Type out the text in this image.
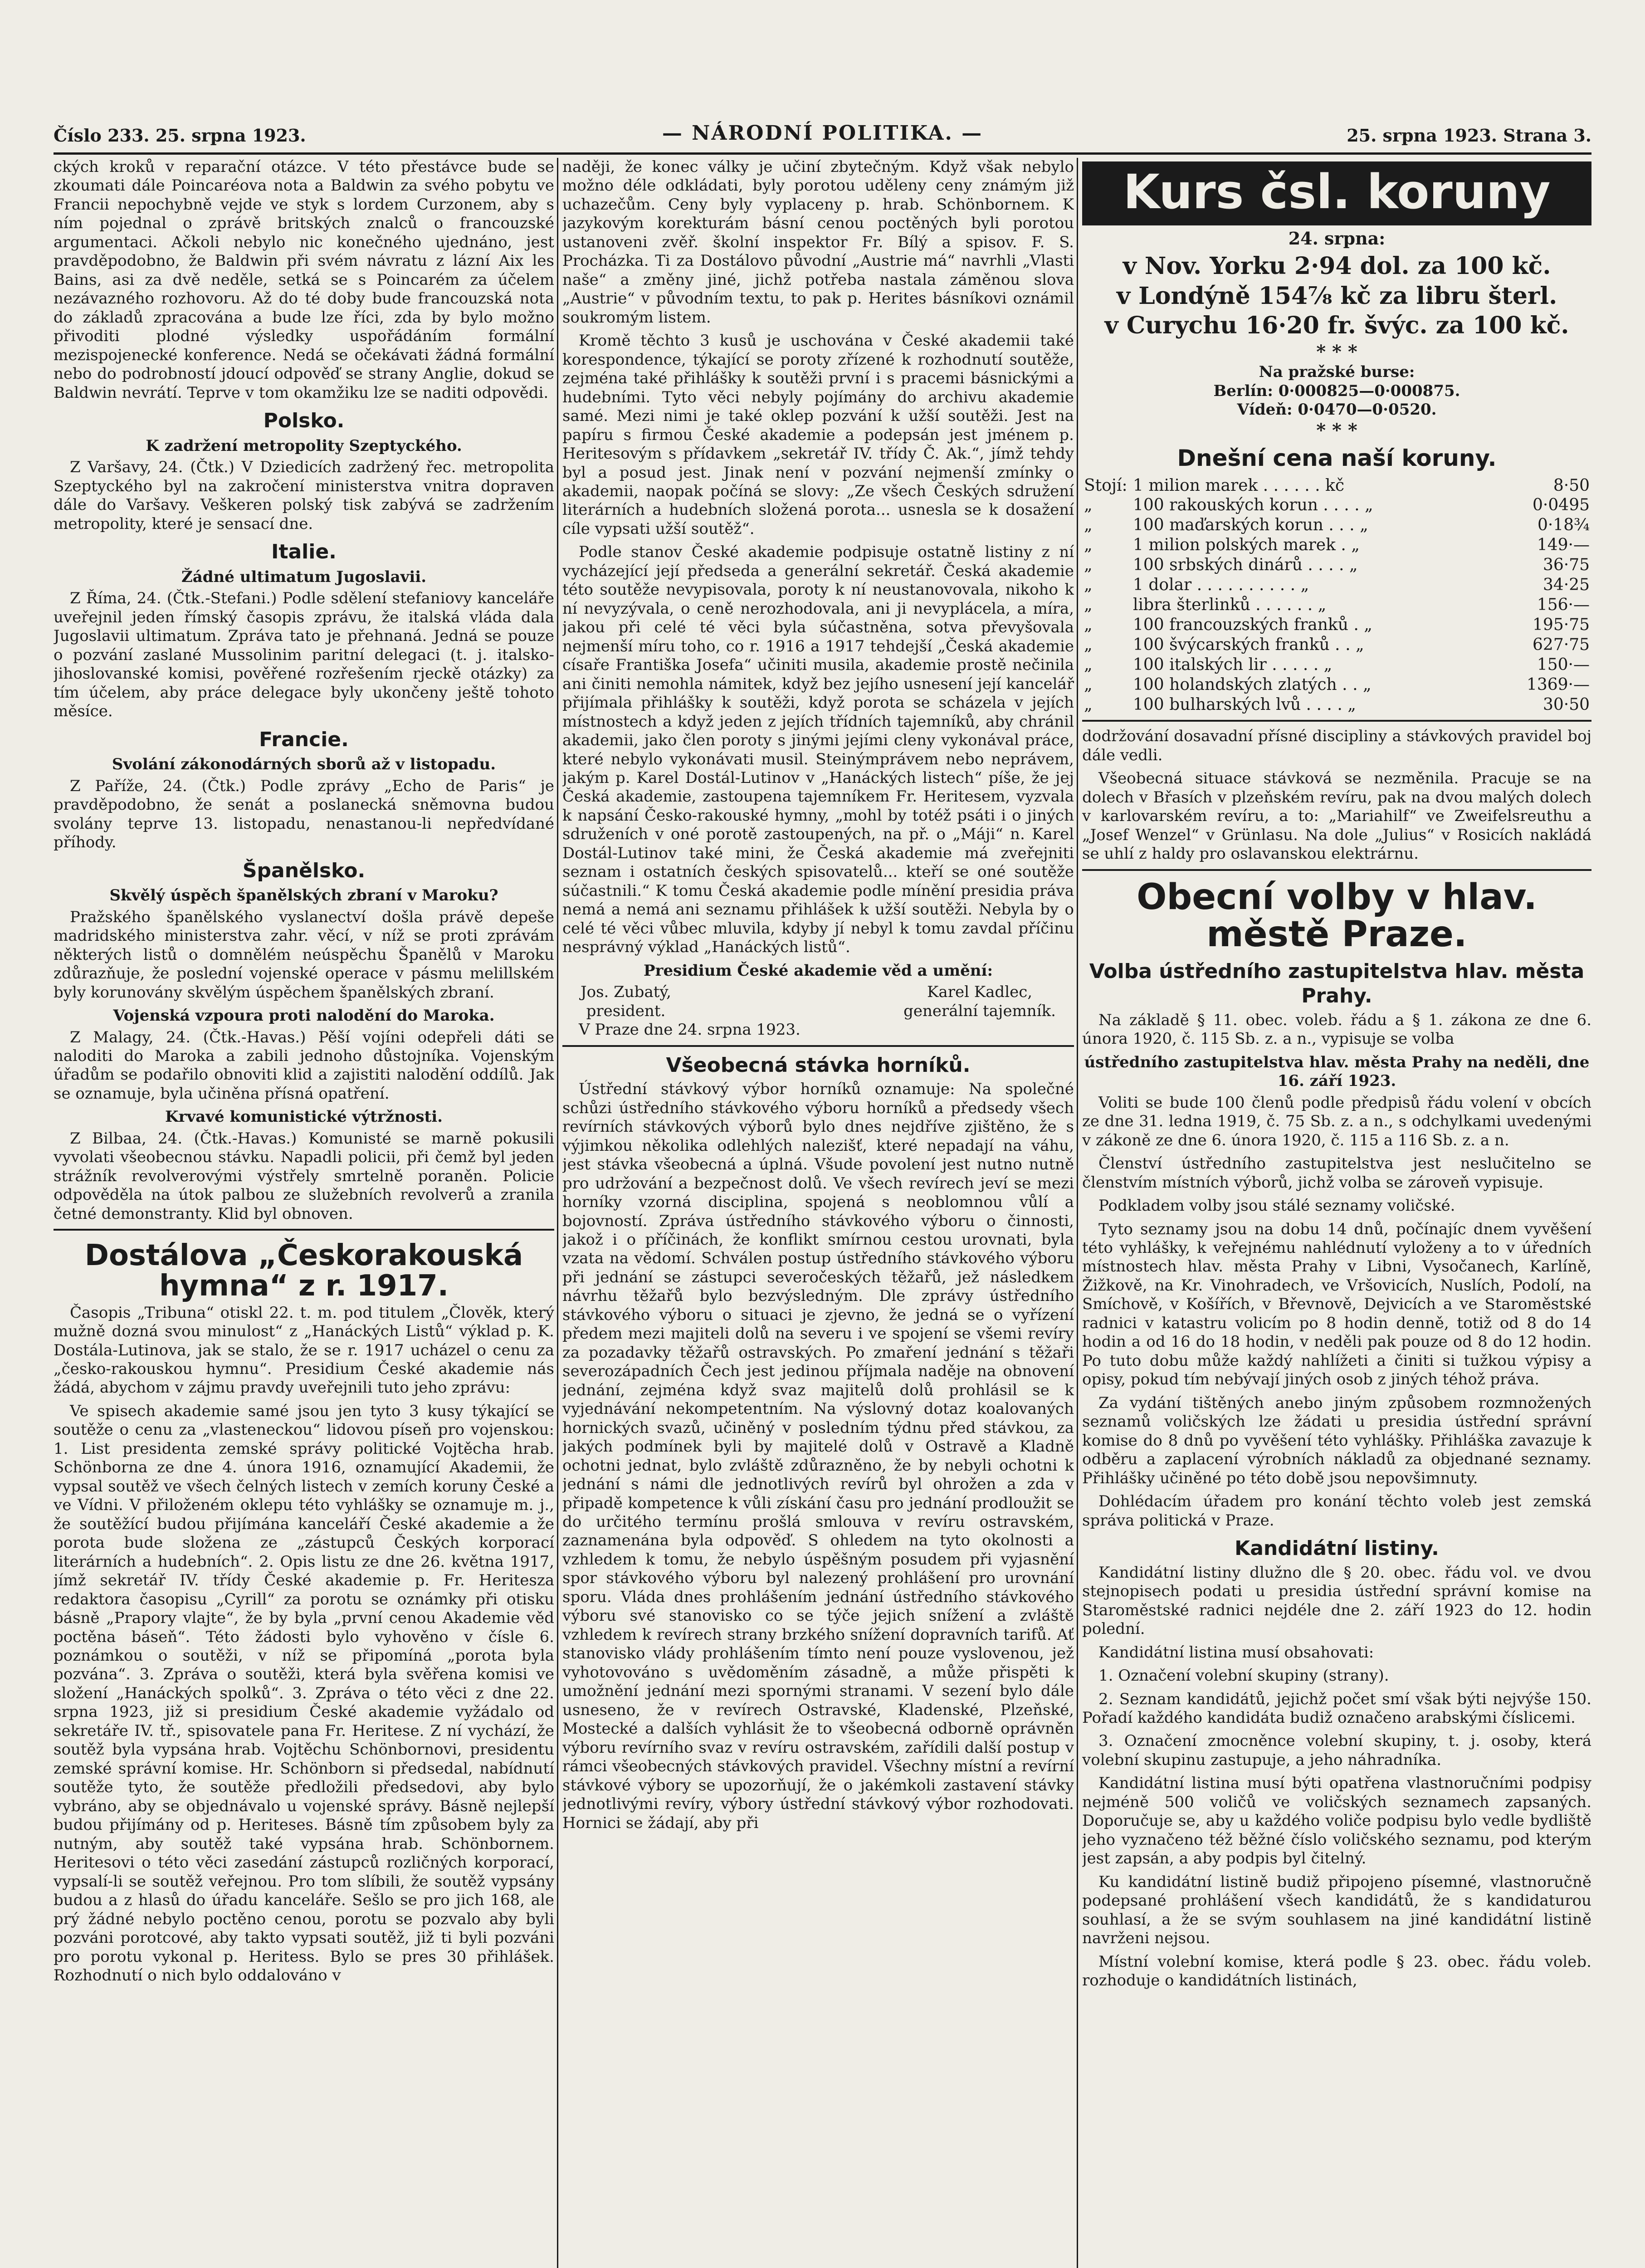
Číslo 233. 25. srpna 1923.	— NÁRODNÍ POLITIKA. —	25. srpna 1923. Strana 3.

ckých kroků v reparační otázce. V této přestávce bude se zkoumati dále Poincaréova nota a Baldwin za svého pobytu ve Francii nepochybně vejde ve styk s lordem Curzonem, aby s ním pojednal o zprávě britských znalců o francouzské argumentaci. Ačkoli nebylo nic konečného ujednáno, jest pravděpodobno, že Baldwin při svém návratu z lázní Aix les Bains, asi za dvě neděle, setká se s Poincarém za účelem nezávazného rozhovoru. Až do té doby bude francouzská nota do základů zpracována a bude lze říci, zda by bylo možno přivoditi plodné výsledky uspořádáním formální mezispojenecké konference. Nedá se očekávati žádná formální nebo do podrobností jdoucí odpověď se strany Anglie, dokud se Baldwin nevrátí. Teprve v tom okamžiku lze se naditi odpovědi.

Polsko.
K zadržení metropolity Szeptyckého.

Z Varšavy, 24. (Čtk.) V Dziedicích zadržený řec. metropolita Szeptyckého byl na zakročení ministerstva vnitra dopraven dále do Varšavy. Veškeren polský tisk zabývá se zadržením metropolity, které je sensací dne.

Italie.
Žádné ultimatum Jugoslavii.

Z Říma, 24. (Čtk.-Stefani.) Podle sdělení stefaniovy kanceláře uveřejnil jeden římský časopis zprávu, že italská vláda dala Jugoslavii ultimatum. Zpráva tato je přehnaná. Jedná se pouze o pozvání zaslané Mussolinim paritní delegaci (t. j. italsko-jihoslovanské komisi, pověřené rozřešením rjeckě otázky) za tím účelem, aby práce delegace byly ukončeny ještě tohoto měsíce.

Francie.
Svolání zákonodárných sborů až v listopadu.

Z Paříže, 24. (Čtk.) Podle zprávy „Echo de Paris“ je pravděpodobno, že senát a poslanecká sněmovna budou svolány teprve 13. listopadu, nenastanou-li nepředvídané příhody.

Španělsko.
Skvělý úspěch španělských zbraní v Maroku?

Pražského španělského vyslanectví došla právě depeše madridského ministerstva zahr. věcí, v níž se proti zprávám některých listů o domnělém neúspěchu Španělů v Maroku zdůrazňuje, že poslední vojenské operace v pásmu melillském byly korunovány skvělým úspěchem španělských zbraní.

Vojenská vzpoura proti nalodění do Maroka.

Z Malagy, 24. (Čtk.-Havas.) Pěší vojíni odepřeli dáti se naloditi do Maroka a zabili jednoho důstojníka. Vojenským úřadům se podařilo obnoviti klid a zajistiti nalodění oddílů. Jak se oznamuje, byla učiněna přísná opatření.

Krvavé komunistické výtržnosti.

Z Bilbaa, 24. (Čtk.-Havas.) Komunisté se marně pokusili vyvolati všeobecnou stávku. Napadli policii, při čemž byl jeden strážník revolverovými výstřely smrtelně poraněn. Policie odpověděla na útok palbou ze služebních revolverů a zranila četné demonstranty. Klid byl obnoven.

Dostálova „Českorakouská hymna“ z r. 1917.

Časopis „Tribuna“ otiskl 22. t. m. pod titulem „Člověk, který mužně dozná svou minulost“ z „Hanáckých Listů“ výklad p. K. Dostála-Lutinova, jak se stalo, že se r. 1917 ucházel o cenu za „česko-rakouskou hymnu“. Presidium České akademie nás žádá, abychom v zájmu pravdy uveřejnili tuto jeho zprávu:

Ve spisech akademie samé jsou jen tyto 3 kusy týkající se soutěže o cenu za „vlasteneckou“ lidovou píseň pro vojenskou: 1. List presidenta zemské správy politické Vojtěcha hrab. Schönborna ze dne 4. února 1916, oznamující Akademii, že vypsal soutěž ve všech čelných listech v zemích koruny České a ve Vídni. V přiloženém oklepu této vyhlášky se oznamuje m. j., že soutěžící budou přijímána kanceláří České akademie a že porota bude složena ze „zástupců Českých korporací literárních a hudebních“. 2. Opis listu ze dne 26. května 1917, jímž sekretář IV. třídy České akademie p. Fr. Heritesza redaktora časopisu „Cyrill“ za porotu se oznámky při otisku básně „Prapory vlajte“, že by byla „první cenou Akademie věd poctěna báseň“. Této žádosti bylo vyhověno v čísle 6. poznámkou o soutěži, v níž se připomíná „porota byla pozvána“. 3. Zpráva o soutěži, která byla svěřena komisi ve složení „Hanáckých spolků“. 3. Zpráva o této věci z dne 22. srpna 1923, již si presidium České akademie vyžádalo od sekretáře IV. tř., spisovatele pana Fr. Heritese. Z ní vychází, že soutěž byla vypsána hrab. Vojtěchu Schönbornovi, presidentu zemské správní komise. Hr. Schönborn si předsedal, nabídnutí soutěže tyto, že soutěže předložili předsedovi, aby bylo vybráno, aby se objednávalo u vojenské správy. Básně nejlepší budou přijímány od p. Heriteses. Básně tím způsobem byly za nutným, aby soutěž také vypsána hrab. Schönbornem. Heritesovi o této věci zasedání zástupců rozličných korporací, vypsalí-li se soutěž veřejnou. Pro tom slíbili, že soutěž vypsány budou a z hlasů do úřadu kanceláře. Sešlo se pro jich 168, ale prý žádné nebylo poctěno cenou, porotu se pozvalo aby byli pozváni porotcové, aby takto vypsati soutěž, již ti byli pozváni pro porotu vykonal p. Heritess. Bylo se pres 30 přihlášek. Rozhodnutí o nich bylo oddalováno v

naději, že konec války je učiní zbytečným. Když však nebylo možno déle odkládati, byly porotou uděleny ceny známým již uchazečům. Ceny byly vyplaceny p. hrab. Schönbornem. K jazykovým korekturám básní cenou poctěných byli porotou ustanoveni zvěř. školní inspektor Fr. Bílý a spisov. F. S. Procházka. Ti za Dostálovo původní „Austrie má“ navrhli „Vlasti naše“ a změny jiné, jichž potřeba nastala záměnou slova „Austrie“ v původním textu, to pak p. Herites básníkovi oznámil soukromým listem.

Kromě těchto 3 kusů je uschována v České akademii také korespondence, týkající se poroty zřízené k rozhodnutí soutěže, zejména také přihlášky k soutěži první i s pracemi básnickými a hudebními. Tyto věci nebyly pojímány do archivu akademie samé. Mezi nimi je také oklep pozvání k užší soutěži. Jest na papíru s firmou České akademie a podepsán jest jménem p. Heritesovým s přídavkem „sekretář IV. třídy Č. Ak.“, jímž tehdy byl a posud jest. Jinak není v pozvání nejmenší zmínky o akademii, naopak počíná se slovy: „Ze všech Českých sdružení literárních a hudebních složená porota... usnesla se k dosažení cíle vypsati užší soutěž“.

Podle stanov České akademie podpisuje ostatně listiny z ní vycházející její předseda a generální sekretář. Česká akademie této soutěže nevypisovala, poroty k ní neustanovovala, nikoho k ní nevyzývala, o ceně nerozhodovala, ani ji nevyplácela, a míra, jakou při celé té věci byla súčastněna, sotva převyšovala nejmenší míru toho, co r. 1916 a 1917 tehdejší „Česká akademie císaře Františka Josefa“ učiniti musila, akademie prostě nečinila ani činiti nemohla námitek, když bez jejího usnesení její kancelář přijímala přihlášky k soutěži, když porota se scházela v jejích místnostech a když jeden z jejích třídních tajemníků, aby chránil akademii, jako člen poroty s jinými jejími cleny vykonával práce, které nebylo vykonávati musil. Steinýmprávem nebo neprávem, jakým p. Karel Dostál-Lutinov v „Hanáckých listech“ píše, že jej Česká akademie, zastoupena tajemníkem Fr. Heritesem, vyzvala k napsání Česko-rakouské hymny, „mohl by totéž psáti i o jiných sdruženích v oné porotě zastoupených, na př. o „Máji“ n. Karel Dostál-Lutinov také mini, že Česká akademie má zveřejniti seznam i ostatních českých spisovatelů... kteří se oné soutěže súčastnili.“ K tomu Česká akademie podle mínění presidia práva nemá a nemá ani seznamu přihlášek k užší soutěži. Nebyla by o celé té věci vůbec mluvila, kdyby jí nebyl k tomu zavdal příčinu nesprávný výklad „Hanáckých listů“.

Presidium České akademie věd a umění:
Jos. Zubatý,
president.
Karel Kadlec,
generální tajemník.

V Praze dne 24. srpna 1923.

Všeobecná stávka horníků.

Ústřední stávkový výbor horníků oznamuje: Na společné schůzi ústředního stávkového výboru horníků a předsedy všech revírních stávkových výborů bylo dnes nejdříve zjištěno, že s výjimkou několika odlehlých nalezišť, které nepadají na váhu, jest stávka všeobecná a úplná. Všude povolení jest nutno nutně pro udržování a bezpečnost dolů. Ve všech revírech jeví se mezi horníky vzorná disciplina, spojená s neoblomnou vůlí a bojovností. Zpráva ústředního stávkového výboru o činnosti, jakož i o příčinách, že konflikt smírnou cestou urovnati, byla vzata na vědomí. Schválen postup ústředního stávkového výboru při jednání se zástupci severočeských těžařů, jež následkem návrhu těžařů bylo bezvýsledným. Dle zprávy ústředního stávkového výboru o situaci je zjevno, že jedná se o vyřízení předem mezi majiteli dolů na severu i ve spojení se všemi revíry za pozadavky těžařů ostravských. Po zmaření jednání s těžaři severozápadních Čech jest jedinou příjmala naděje na obnovení jednání, zejména když svaz majitelů dolů prohlásil se k vyjednávání nekompetentním. Na výslovný dotaz koalovaných hornických svazů, učiněný v posledním týdnu před stávkou, za jakých podmínek byli by majitelé dolů v Ostravě a Kladně ochotni jednat, bylo zvláště zdůrazněno, že by nebyli ochotni k jednání s námi dle jednotlivých revírů byl ohrožen a zda v připadě kompetence k vůli získání času pro jednání prodloužit se do určitého termínu prošlá smlouva v revíru ostravském, zaznamenána byla odpověď. S ohledem na tyto okolnosti a vzhledem k tomu, že nebylo úspěšným posudem při vyjasnění spor stávkového výboru byl nalezený prohlášení pro urovnání sporu. Vláda dnes prohlášením jednání ústředního stávkového výboru své stanovisko co se týče jejich snížení a zvláště vzhledem k revírech strany brzkého snížení dopravních tarifů. Ať stanovisko vlády prohlášením tímto není pouze vyslovenou, jež vyhotovováno s uvědoměním zásadně, a může přispěti k umožnění jednání mezi spornými stranami. V sezení bylo dále usneseno, že v revírech Ostravské, Kladenské, Plzeňské, Mostecké a dalších vyhlásit že to všeobecná odborně oprávněn výboru revírního svaz v revíru ostravském, zařídili další postup v rámci všeobecných stávkových pravidel. Všechny místní a revírní stávkové výbory se upozorňují, že o jakémkoli zastavení stávky jednotlivými revíry, výbory ústřední stávkový výbor rozhodovati. Hornici se žádají, aby při

Kurs čsl. koruny
24. srpna:
v Nov. Yorku 2·94 dol. za 100 kč.
v Londýně 154⅞ kč za libru šterl.
v Curychu 16·20 fr. švýc. za 100 kč.
* * *
Na pražské burse:
Berlín: 0·000825—0·000875.
Vídeň: 0·0470—0·0520.
* * *
Dnešní cena naší koruny.
Stojí:	1 milion marek . . . . . . kč	8·50
„	100 rakouských korun . . . . „	0·0495
„	100 maďarských korun . . . „	0·18¾
„	1 milion polských marek . „	149·—
„	100 srbských dinárů . . . . „	36·75
„	1 dolar . . . . . . . . . . „	34·25
„	libra šterlinků . . . . . . „	156·—
„	100 francouzských franků . „	195·75
„	100 švýcarských franků . . „	627·75
„	100 italských lir . . . . . „	150·—
„	100 holandských zlatých . . „	1369·—
„	100 bulharských lvů . . . . „	30·50

dodržování dosavadní přísné discipliny a stávkových pravidel boj dále vedli.

Všeobecná situace stávková se nezměnila. Pracuje se na dolech v Břasích v plzeňském revíru, pak na dvou malých dolech v karlovarském revíru, a to: „Mariahilf“ ve Zweifelsreuthu a „Josef Wenzel“ v Grünlasu. Na dole „Julius“ v Rosicích nakládá se uhlí z haldy pro oslavanskou elektrárnu.

Obecní volby v hlav. městě Praze.
Volba ústředního zastupitelstva hlav. města Prahy.

Na základě § 11. obec. voleb. řádu a § 1. zákona ze dne 6. února 1920, č. 115 Sb. z. a n., vypisuje se volba

ústředního zastupitelstva hlav. města Prahy na neděli, dne 16. září 1923.

Voliti se bude 100 členů podle předpisů řádu volení v obcích ze dne 31. ledna 1919, č. 75 Sb. z. a n., s odchylkami uvedenými v zákoně ze dne 6. února 1920, č. 115 a 116 Sb. z. a n.

Členství ústředního zastupitelstva jest neslučitelno se členstvím místních výborů, jichž volba se zároveň vypisuje.

Podkladem volby jsou stálé seznamy voličské.

Tyto seznamy jsou na dobu 14 dnů, počínajíc dnem vyvěšení této vyhlášky, k veřejnému nahlédnutí vyloženy a to v úředních místnostech hlav. města Prahy v Libni, Vysočanech, Karlíně, Žižkově, na Kr. Vinohradech, ve Vršovicích, Nuslích, Podolí, na Smíchově, v Košířích, v Břevnově, Dejvicích a ve Staroměstské radnici v katastru volicím po 8 hodin denně, totiž od 8 do 14 hodin a od 16 do 18 hodin, v neděli pak pouze od 8 do 12 hodin. Po tuto dobu může každý nahlížeti a činiti si tužkou výpisy a opisy, pokud tím nebývají jiných osob z jiných téhož práva.

Za vydání tištěných anebo jiným způsobem rozmnožených seznamů voličských lze žádati u presidia ústřední správní komise do 8 dnů po vyvěšení této vyhlášky. Přihláška zavazuje k odběru a zaplacení výrobních nákladů za objednané seznamy. Přihlášky učiněné po této době jsou nepovšimnuty.

Dohlédacím úřadem pro konání těchto voleb jest zemská správa politická v Praze.

Kandidátní listiny.

Kandidátní listiny dlužno dle § 20. obec. řádu vol. ve dvou stejnopisech podati u presidia ústřední správní komise na Staroměstské radnici nejdéle dne 2. září 1923 do 12. hodin polední.

Kandidátní listina musí obsahovati:

1. Označení volební skupiny (strany).

2. Seznam kandidátů, jejichž počet smí však býti nejvýše 150. Pořadí každého kandidáta budiž označeno arabskými číslicemi.

3. Označení zmocněnce volební skupiny, t. j. osoby, která volební skupinu zastupuje, a jeho náhradníka.

Kandidátní listina musí býti opatřena vlastnoručními podpisy nejméně 500 voličů ve voličských seznamech zapsaných. Doporučuje se, aby u každého voliče podpisu bylo vedle bydliště jeho vyznačeno též běžné číslo voličského seznamu, pod kterým jest zapsán, a aby podpis byl čitelný.

Ku kandidátní listině budiž připojeno písemné, vlastnoručně podepsané prohlášení všech kandidátů, že s kandidaturou souhlasí, a že se svým souhlasem na jiné kandidátní listině navrženi nejsou.

Místní volební komise, která podle § 23. obec. řádu voleb. rozhoduje o kandidátních listinách,
